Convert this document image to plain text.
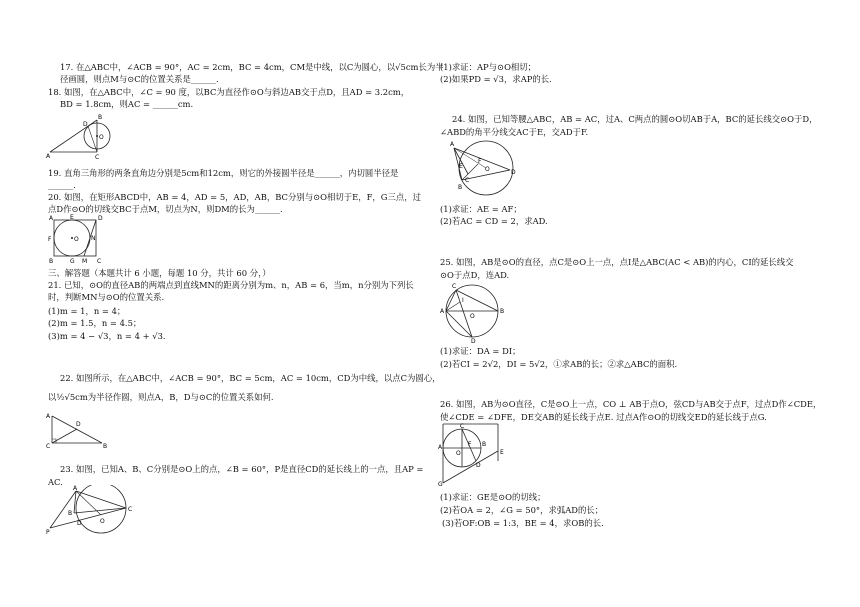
17. 在△ABC中，∠ACB = 90°，AC = 2cm，BC = 4cm，CM是中线，以C为圆心，以√5cm长为半
径画圆，则点M与⊙C的位置关系是______.
18. 如图，在△ABC中，∠C = 90 度，以BC为直径作⊙O与斜边AB交于点D，且AD = 3.2cm，
BD = 1.8cm，则AC = ______cm.
B
O
A	C
D
19. 直角三角形的两条直角边分别是5cm和12cm，则它的外接圆半径是______，内切圆半径是
______.
20. 如图，在矩形ABCD中，AB = 4，AD = 5，AD，AB，BC分别与⊙O相切于E，F，G三点，过
点D作⊙O的切线交BC于点M，切点为N，则DM的长为______.
A	E	D
F	O N
B	G M C
三、解答题（本题共计 6 小题，每题 10 分，共计 60 分，）
21. 已知，⊙O的直径AB的两端点到直线MN的距离分别为m、n，AB = 6，当m，n分别为下列长
时，判断MN与⊙O的位置关系.
(1)m = 1，n = 4；
(2)m = 1.5，n = 4.5；
(3)m = 4 − √3，n = 4 + √3.
22. 如图所示，在△ABC中，∠ACB = 90°，BC = 5cm，AC = 10cm，CD为中线，以点C为圆心，
以½√5cm为半径作圆，则点A，B，D与⊙C的位置关系如何.
A
D
C	B
23. 如图，已知A、B、C分别是⊙O上的点，∠B = 60°，P是直径CD的延长线上的一点，且AP =
AC.
A
B
P
D	O
C
(1)求证：AP与⊙O相切；
(2)如果PD = √3，求AP的长.
24. 如图，已知等腰△ABC，AB = AC，过A、C两点的圆⊙O切AB于A，BC的延长线交⊙O于D，
∠ABD的角平分线交AC于E，交AD于F.
A
E
F
O
C
B
D
(1)求证：AE = AF；
(2)若AC = CD = 2，求AD.
25. 如图，AB是⊙O的直径，点C是⊙O上一点，点I是△ABC(AC < AB)的内心，CI的延长线交
⊙O于点D，连AD.
C
I
A
O
B
D
(1)求证：DA = DI；
(2)若CI = 2√2，DI = 5√2，①求AB的长；②求△ABC的面积.
26. 如图，AB为⊙O直径，C是⊙O上一点，CO ⊥ AB于点O，弦CD与AB交于点F，过点D作∠CDE，
使∠CDE = ∠DFE，DE交AB的延长线于点E. 过点A作⊙O的切线交ED的延长线于点G.
A
C
O
F
D
B
E
G
(1)求证：GE是⊙O的切线；
(2)若OA = 2，∠G = 50°，求弧AD的长；
(3)若OF:OB = 1:3，BE = 4，求OB的长.
